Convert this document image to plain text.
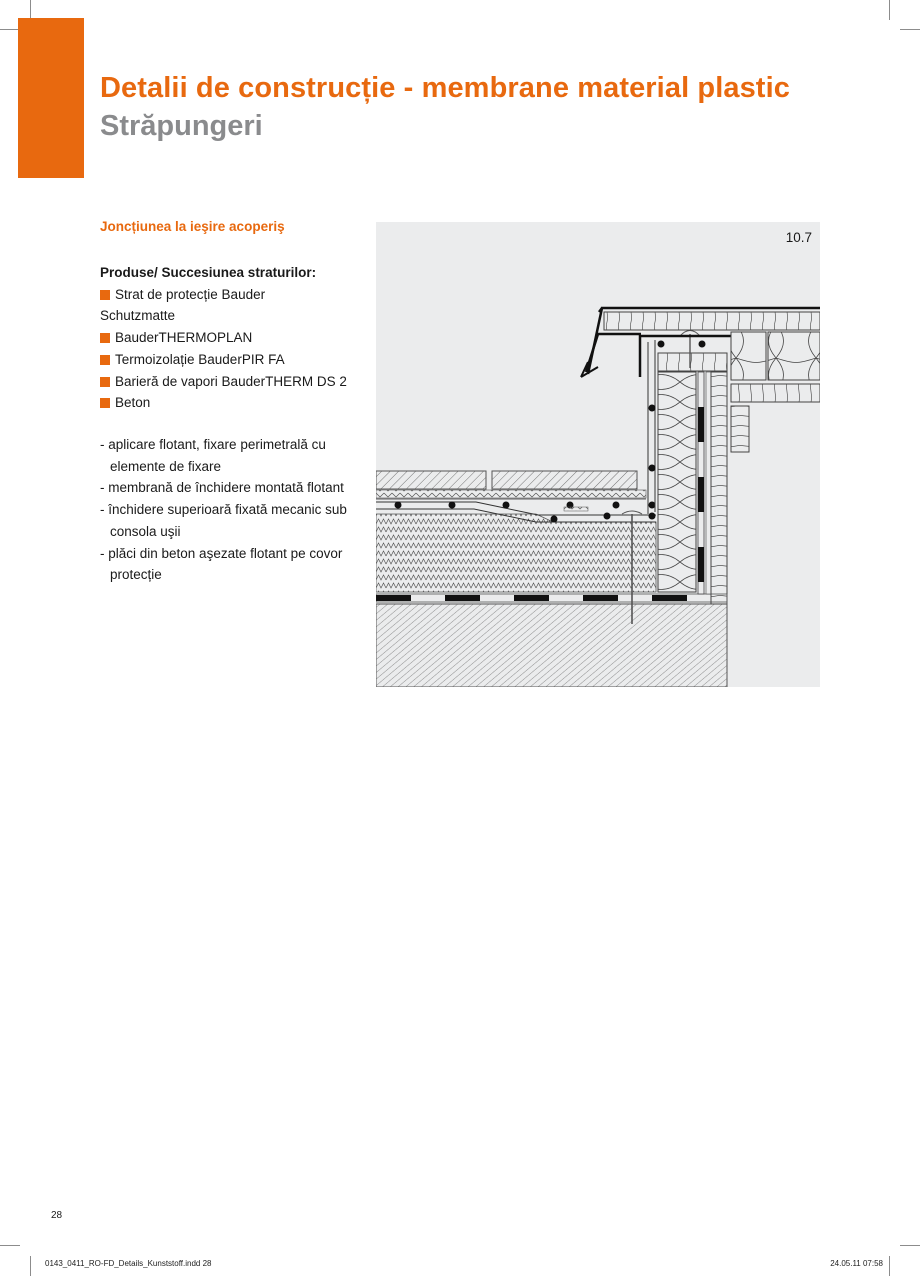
Detalii de construcție - membrane material plastic
Străpungeri
Joncțiunea la ieşire acoperiş
Produse/ Succesiunea straturilor:
Strat de protecție Bauder
Schutzmatte
BauderTHERMOPLAN
Termoizolație BauderPIR FA
Barieră de vapori BauderTHERM DS 2
Beton
- aplicare flotant, fixare perimetrală cu elemente de fixare
- membrană de închidere montată flotant
- închidere superioară fixată mecanic sub consola uşii
- plăci din beton aşezate flotant pe covor protecție
10.7
28
0143_0411_RO-FD_Details_Kunststoff.indd 28	24.05.11 07:58
